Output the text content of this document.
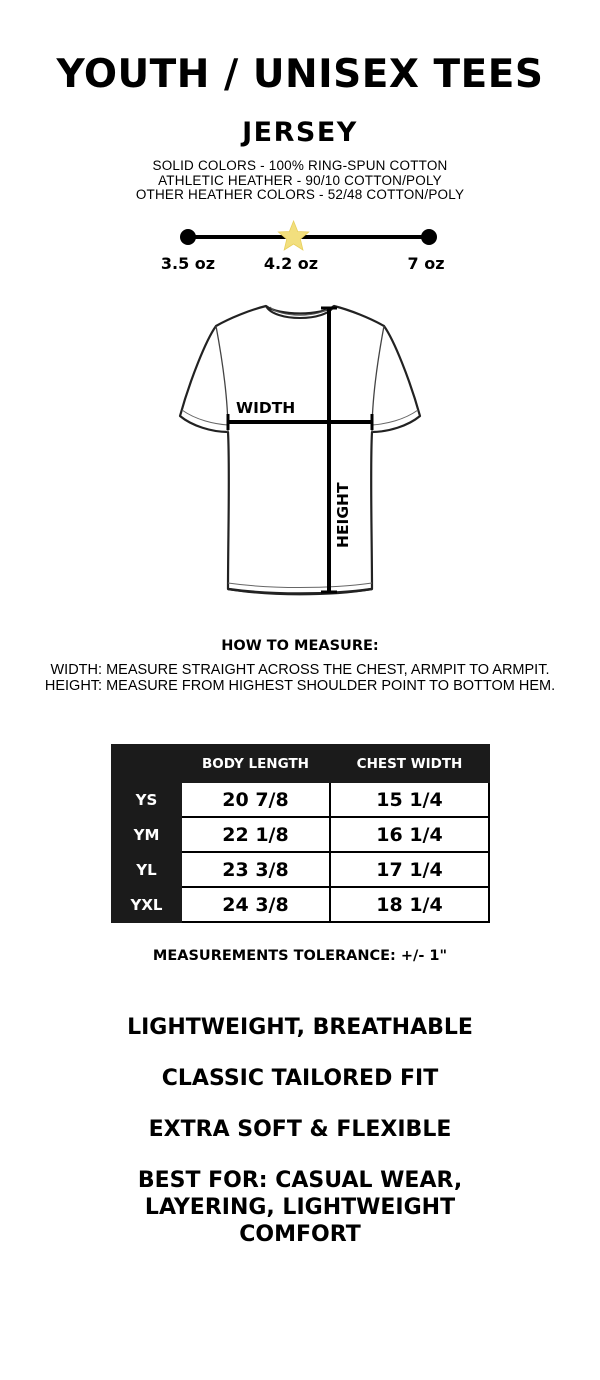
YOUTH / UNISEX TEES
JERSEY
SOLID COLORS - 100% RING-SPUN COTTON
ATHLETIC HEATHER - 90/10 COTTON/POLY
OTHER HEATHER COLORS - 52/48 COTTON/POLY
3.5 oz	4.2 oz	7 oz
WIDTH
HEIGHT
HOW TO MEASURE:
WIDTH: MEASURE STRAIGHT ACROSS THE CHEST, ARMPIT TO ARMPIT.
HEIGHT: MEASURE FROM HIGHEST SHOULDER POINT TO BOTTOM HEM.
	BODY LENGTH	CHEST WIDTH
YS	20 7/8	15 1/4
YM	22 1/8	16 1/4
YL	23 3/8	17 1/4
YXL	24 3/8	18 1/4
MEASUREMENTS TOLERANCE: +/- 1"
LIGHTWEIGHT, BREATHABLE
CLASSIC TAILORED FIT
EXTRA SOFT & FLEXIBLE
BEST FOR: CASUAL WEAR, LAYERING, LIGHTWEIGHT COMFORT
